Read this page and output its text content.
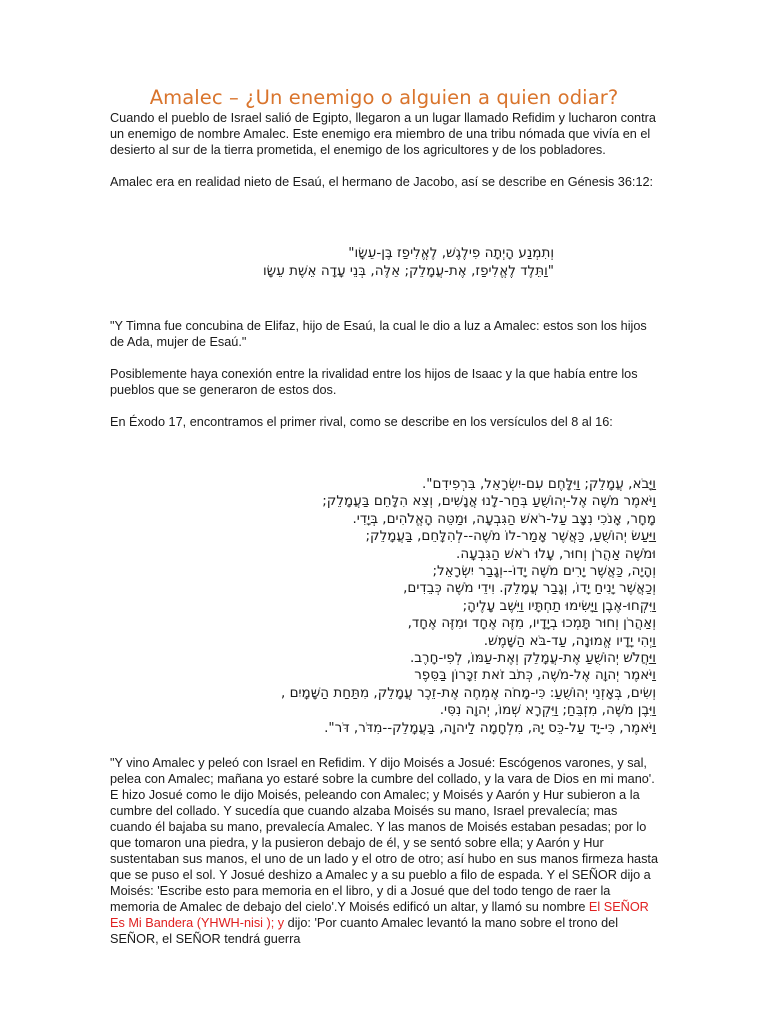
Amalec – ¿Un enemigo o alguien a quien odiar?

Cuando el pueblo de Israel salió de Egipto, llegaron a un lugar llamado Refidim y lucharon contra un enemigo de nombre Amalec. Este enemigo era miembro de una tribu nómada que vivía en el desierto al sur de la tierra prometida, el enemigo de los agricultores y de los pobladores.

Amalec era en realidad nieto de Esaú, el hermano de Jacobo, así se describe en Génesis 36:12:

וְתִמְנַע הָיְתָה פִילֶגֶשׁ, לֶאֱלִיפַז בֶּן-עֵשָׂו"
"וַתֵּלֶד לֶאֱלִיפַז, אֶת-עֲמָלֵק; אֵלֶּה, בְּנֵי עָדָה אֵשֶׁת עֵשָׂו

"Y Timna fue concubina de Elifaz, hijo de Esaú, la cual le dio a luz a Amalec: estos son los hijos de Ada, mujer de Esaú."

Posiblemente haya conexión entre la rivalidad entre los hijos de Isaac y la que había entre los pueblos que se generaron de estos dos.

En Éxodo 17, encontramos el primer rival, como se describe en los versículos del 8 al 16:

וַיָּבֹא, עֲמָלֵק; וַיִּלָּחֶם עִם-יִשְׂרָאֵל, בִּרְפִידִם".
וַיֹּאמֶר מֹשֶׁה אֶל-יְהוֹשֻׁעַ בְּחַר-לָנוּ אֲנָשִׁים, וְצֵא הִלָּחֵם בַּעֲמָלֵק;
מָחָר, אָנֹכִי נִצָּב עַל-רֹאשׁ הַגִּבְעָה, וּמַטֵּה הָאֱלֹהִים, בְּיָדִי.
וַיַּעַשׂ יְהוֹשֻׁעַ, כַּאֲשֶׁר אָמַר-לוֹ מֹשֶׁה--לְהִלָּחֵם, בַּעֲמָלֵק;
וּמֹשֶׁה אַהֲרֹן וְחוּר, עָלוּ רֹאשׁ הַגִּבְעָה.
וְהָיָה, כַּאֲשֶׁר יָרִים מֹשֶׁה יָדוֹ--וְגָבַר יִשְׂרָאֵל;
וְכַאֲשֶׁר יָנִיחַ יָדוֹ, וְגָבַר עֲמָלֵק. וִידֵי מֹשֶׁה כְּבֵדִים,
וַיִּקְחוּ-אֶבֶן וַיָּשִׂימוּ תַחְתָּיו וַיֵּשֶׁב עָלֶיהָ;
וְאַהֲרֹן וְחוּר תָּמְכוּ בְיָדָיו, מִזֶּה אֶחָד וּמִזֶּה אֶחָד,
וַיְהִי יָדָיו אֱמוּנָה, עַד-בֹּא הַשָּׁמֶשׁ.
וַיַּחֲלֹשׁ יְהוֹשֻׁעַ אֶת-עֲמָלֵק וְאֶת-עַמּוֹ, לְפִי-חָרֶב.
וַיֹּאמֶר יְהוָה אֶל-מֹשֶׁה, כְּתֹב זֹאת זִכָּרוֹן בַּסֵּפֶר
וְשִׂים, בְּאָזְנֵי יְהוֹשֻׁעַ: כִּי-מָחֹה אֶמְחֶה אֶת-זֵכֶר עֲמָלֵק, מִתַּחַת הַשָּׁמָיִם ,
וַיִּבֶן מֹשֶׁה, מִזְבֵּחַ; וַיִּקְרָא שְׁמוֹ, יְהוָה נִסִּי.
וַיֹּאמֶר, כִּי-יָד עַל-כֵּס יָהּ, מִלְחָמָה לַיהוָה, בַּעֲמָלֵק--מִדֹּר, דֹּר".

"Y vino Amalec y peleó con Israel en Refidim. Y dijo Moisés a Josué: Escógenos varones, y sal, pelea con Amalec; mañana yo estaré sobre la cumbre del collado, y la vara de Dios en mi mano'. E hizo Josué como le dijo Moisés, peleando con Amalec; y Moisés y Aarón y Hur subieron a la cumbre del collado. Y sucedía que cuando alzaba Moisés su mano, Israel prevalecía; mas cuando él bajaba su mano, prevalecía Amalec. Y las manos de Moisés estaban pesadas; por lo que tomaron una piedra, y la pusieron debajo de él, y se sentó sobre ella; y Aarón y Hur sustentaban sus manos, el uno de un lado y el otro de otro; así hubo en sus manos firmeza hasta que se puso el sol. Y Josué deshizo a Amalec y a su pueblo a filo de espada. Y el SEÑOR dijo a Moisés: 'Escribe esto para memoria en el libro, y di a Josué que del todo tengo de raer la memoria de Amalec de debajo del cielo'.Y Moisés edificó un altar, y llamó su nombre El SEÑOR Es Mi Bandera (YHWH-nisi ); y dijo: 'Por cuanto Amalec levantó la mano sobre el trono del SEÑOR, el SEÑOR tendrá guerra
